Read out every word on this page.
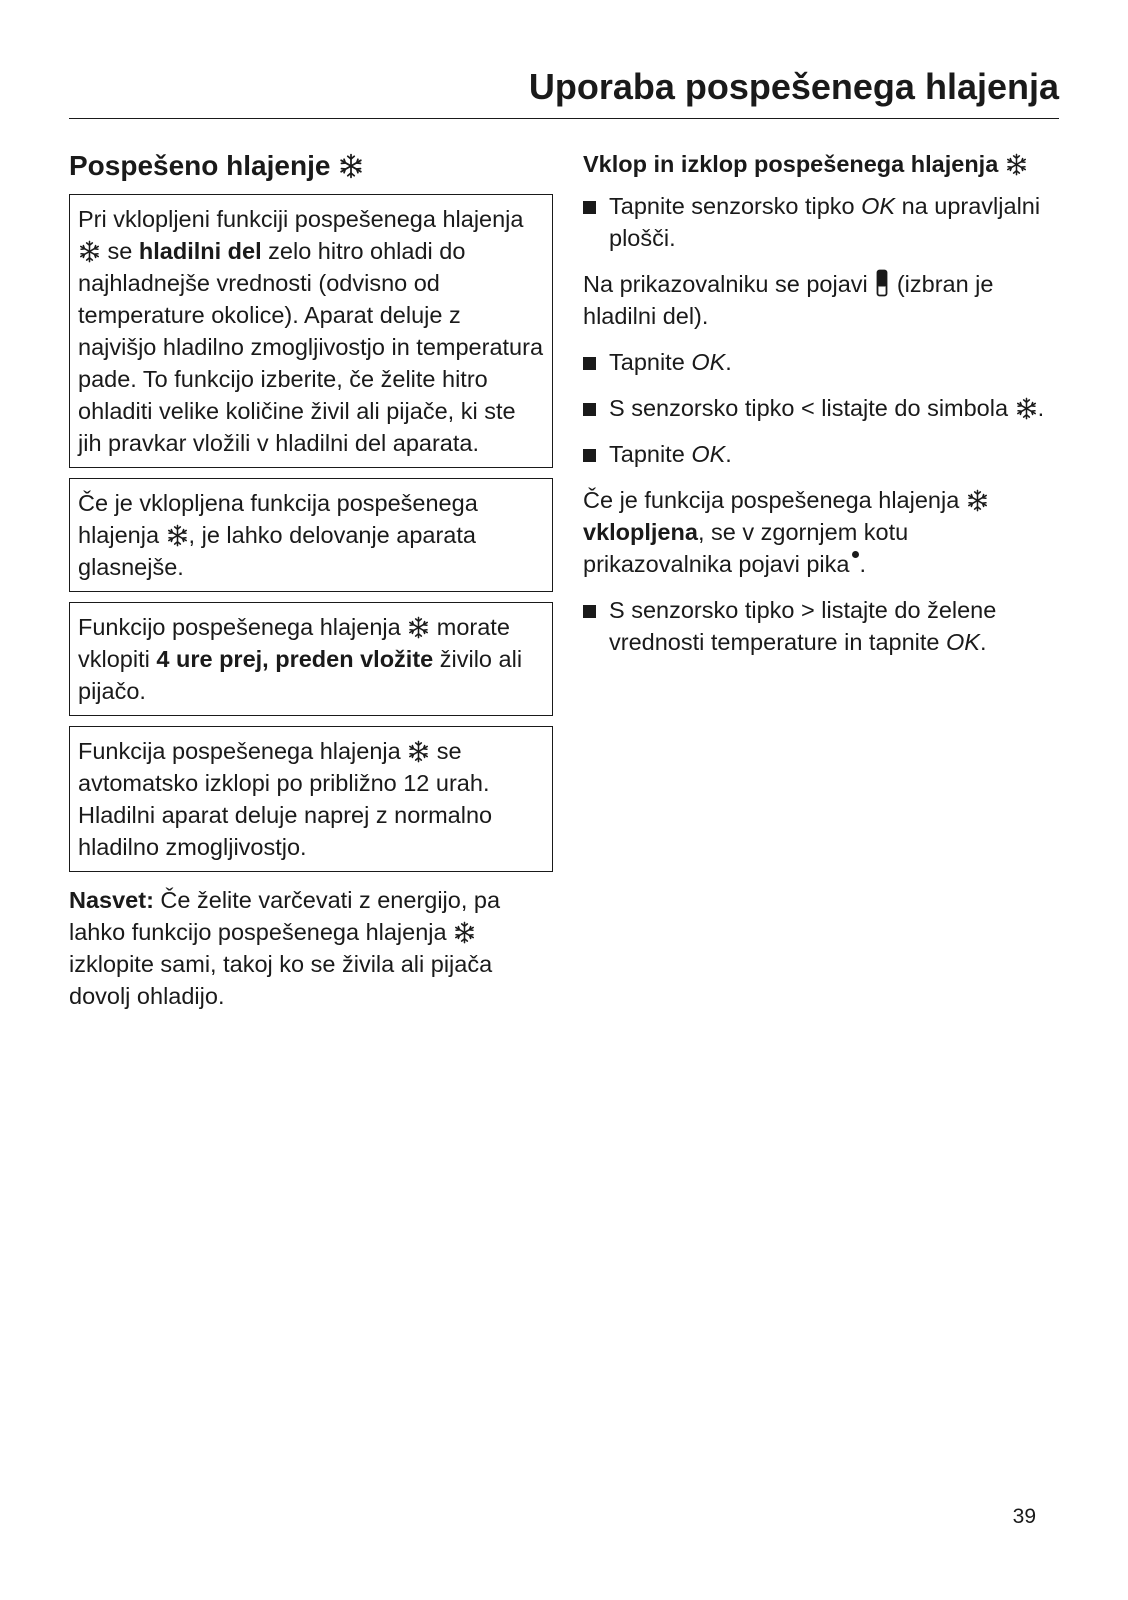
Uporaba pospešenega hlajenja
Pospešeno hlajenje
Pri vklopljeni funkciji pospešenega hlajenja  se hladilni del zelo hitro ohladi do najhladnejše vrednosti (odvisno od temperature okolice). Aparat deluje z najvišjo hladilno zmogljivostjo in temperatura pade. To funkcijo izberite, če želite hitro ohladiti velike količine živil ali pijače, ki ste jih pravkar vložili v hladilni del aparata.
Če je vklopljena funkcija pospešenega hlajenja , je lahko delovanje aparata glasnejše.
Funkcijo pospešenega hlajenja  morate vklopiti 4 ure prej, preden vložite živilo ali pijačo.
Funkcija pospešenega hlajenja  se avtomatsko izklopi po približno 12 urah. Hladilni aparat deluje naprej z normalno hladilno zmogljivostjo.
Nasvet: Če želite varčevati z energijo, pa lahko funkcijo pospešenega hlajenja  izklopite sami, takoj ko se živila ali pijača dovolj ohladijo.
Vklop in izklop pospešenega hlajenja
Tapnite senzorsko tipko OK na upravljalni plošči.
Na prikazovalniku se pojavi  (izbran je hladilni del).
Tapnite OK.
S senzorsko tipko < listajte do simbola .
Tapnite OK.
Če je funkcija pospešenega hlajenja  vklopljena, se v zgornjem kotu prikazovalnika pojavi pika .
S senzorsko tipko > listajte do želene vrednosti temperature in tapnite OK.
39
